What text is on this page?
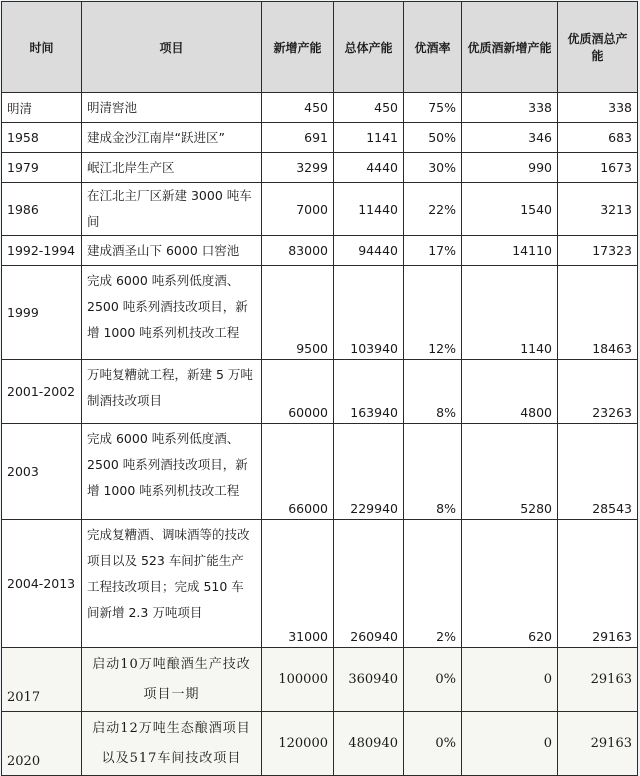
时间	项目	新增产能	总体产能	优酒率	优质酒新增产能	优质酒总产能
明清	明清窖池	450	450	75%	338	338
1958	建成金沙江南岸“跃进区”	691	1141	50%	346	683
1979	岷江北岸生产区	3299	4440	30%	990	1673
1986	在江北主厂区新建 3000 吨车间	7000	11440	22%	1540	3213
1992-1994	建成酒圣山下 6000 口窖池	83000	94440	17%	14110	17323
1999	完成 6000 吨系列低度酒、2500 吨系列酒技改项目，新增 1000 吨系列机技改工程	9500	103940	12%	1140	18463
2001-2002	万吨复糟就工程，新建 5 万吨制酒技改项目	60000	163940	8%	4800	23263
2003	完成 6000 吨系列低度酒、2500 吨系列酒技改项目，新增 1000 吨系列机技改工程	66000	229940	8%	5280	28543
2004-2013	完成复糟酒、调味酒等的技改项目以及 523 车间扩能生产工程技改项目；完成 510 车间新增 2.3 万吨项目	31000	260940	2%	620	29163
2017	启动10万吨酿酒生产技改项目一期	100000	360940	0%	0	29163
2020	启动12万吨生态酿酒项目以及517车间技改项目	120000	480940	0%	0	29163
